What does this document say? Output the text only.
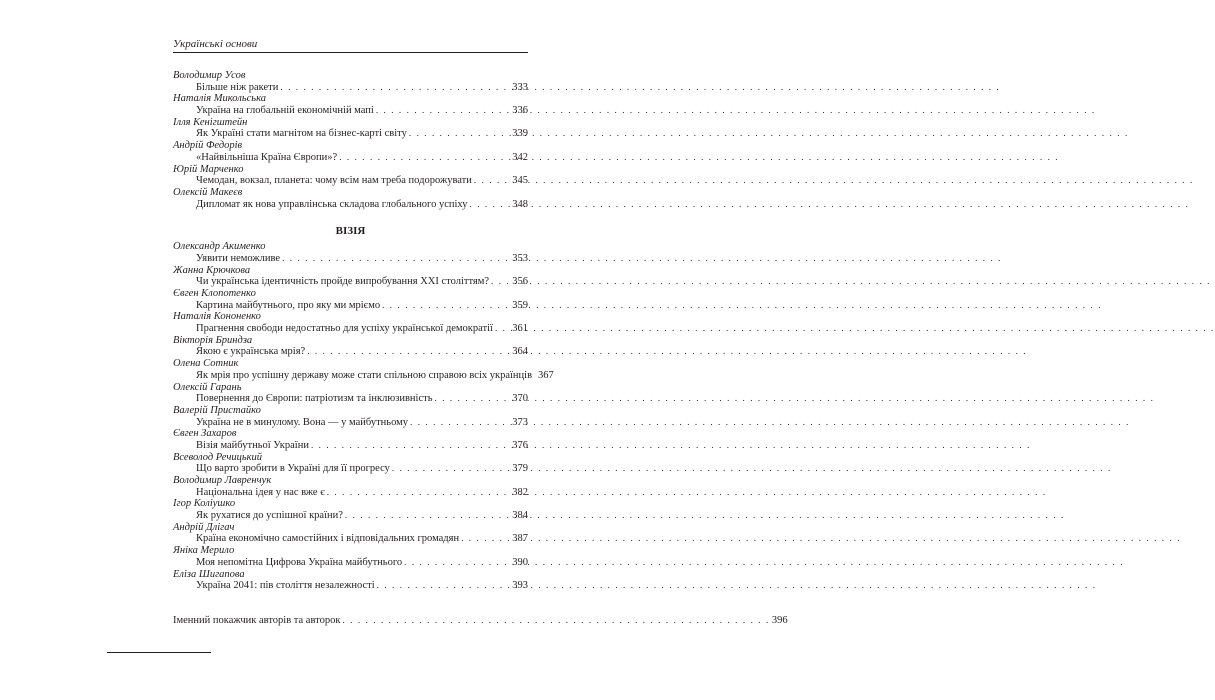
Українські основи
Володимир Усов
Більше ніж ракети . . .	333
Наталія Микольська
Україна на глобальній економічній мапі . . .	336
Ілля Кенігштейн
Як Україні стати магнітом на бізнес-карті світу . . .	339
Андрій Федорів
«Найвільніша Країна Європи»? . . .	342
Юрій Марченко
Чемодан, вокзал, планета: чому всім нам треба подорожувати . . .	345
Олексій Макеєв
Дипломат як нова управлінська складова глобального успіху . . .	348
ВІЗІЯ
Олександр Акименко
Уявити неможливе . . .	353
Жанна Крючкова
Чи українська ідентичність пройде випробування XXI століттям? . . . 356
Євген Клопотенко
Картина майбутнього, про яку ми мріємо . . .	359
Наталія Кононенко
Прагнення свободи недостатньо для успіху української демократії . . . 361
Вікторія Бриндза
Якою є українська мрія? . . .	364
Олена Сотник
Як мрія про успішну державу може стати спільною справою всіх українців 367
Олексій Гарань
Повернення до Європи: патріотизм та інклюзивність . . .	370
Валерій Пристайко
Україна не в минулому. Вона — у майбутньому . . .	373
Євген Захаров
Візія майбутньої України . . .	376
Всеволод Речицький
Що варто зробити в Україні для її прогресу . . .	379
Володимир Лавренчук
Національна ідея у нас вже є . . .	382
Ігор Коліушко
Як рухатися до успішної країни? . . .	384
Андрій Длігач
Країна економічно самостійних і відповідальних громадян . . .	387
Яніка Мерило
Моя непомітна Цифрова Україна майбутнього . . .	390
Еліза Шигапова
Україна 2041: пів століття незалежності . . .	393
Іменний покажчик авторів та авторок . . .	396
